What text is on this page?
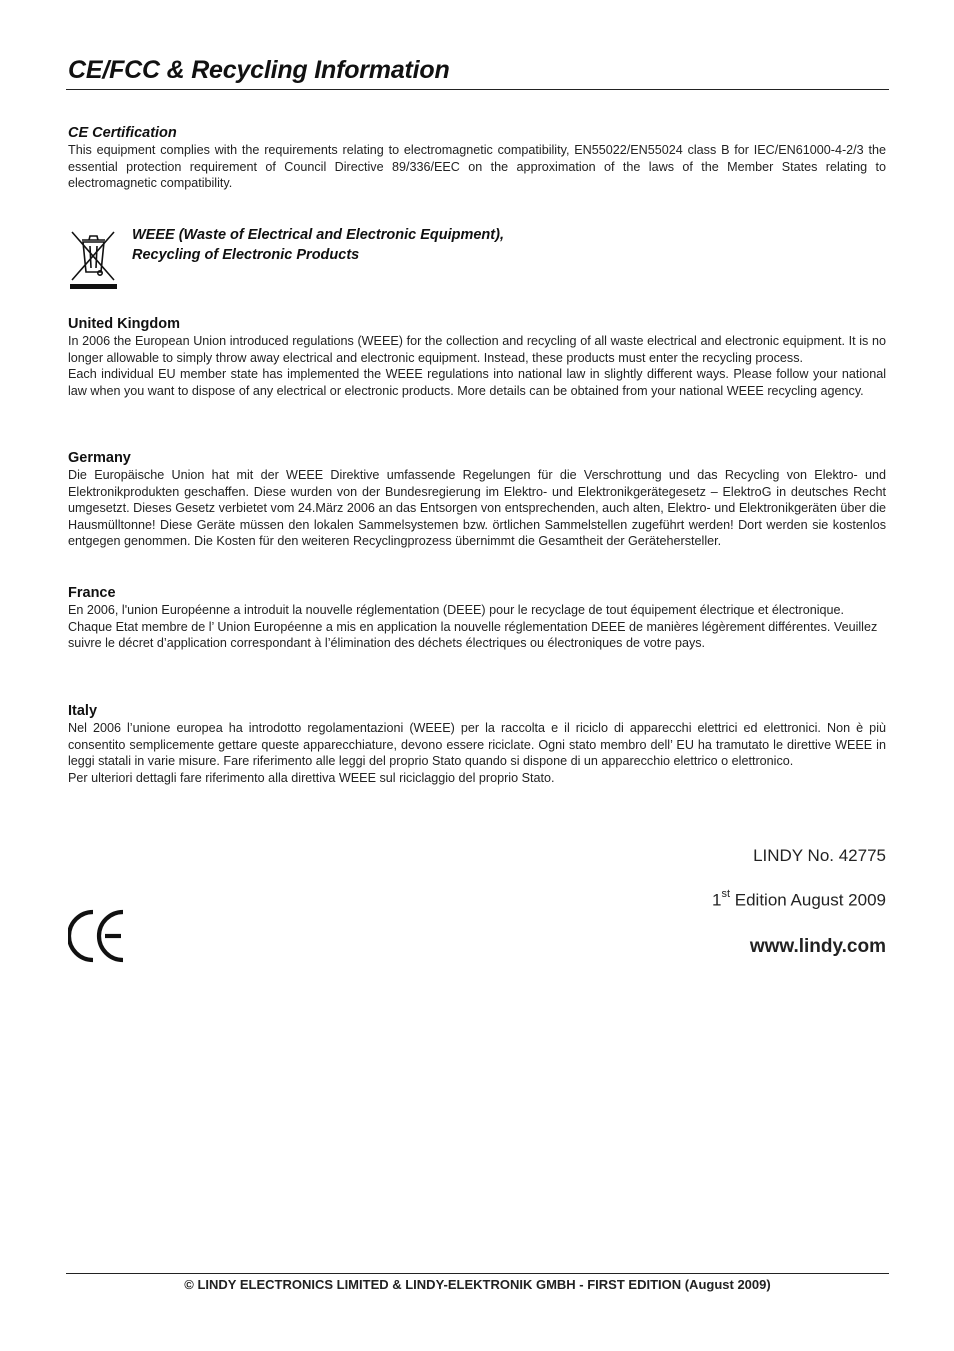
CE/FCC & Recycling Information
CE Certification

This equipment complies with the requirements relating to electromagnetic compatibility, EN55022/EN55024 class B for IEC/EN61000-4-2/3 the essential protection requirement of Council Directive 89/336/EEC on the approximation of the laws of the Member States relating to electromagnetic compatibility.

WEEE (Waste of Electrical and Electronic Equipment),
Recycling of Electronic Products
United Kingdom

In 2006 the European Union introduced regulations (WEEE) for the collection and recycling of all waste electrical and electronic equipment. It is no longer allowable to simply throw away electrical and electronic equipment. Instead, these products must enter the recycling process.

Each individual EU member state has implemented the WEEE regulations into national law in slightly different ways. Please follow your national law when you want to dispose of any electrical or electronic products. More details can be obtained from your national WEEE recycling agency.

Germany

Die Europäische Union hat mit der WEEE Direktive umfassende Regelungen für die Verschrottung und das Recycling von Elektro- und Elektronikprodukten geschaffen. Diese wurden von der Bundesregierung im Elektro- und Elektronikgerätegesetz – ElektroG in deutsches Recht umgesetzt. Dieses Gesetz verbietet vom 24.März 2006 an das Entsorgen von entsprechenden, auch alten, Elektro- und Elektronikgeräten über die Hausmülltonne! Diese Geräte müssen den lokalen Sammelsystemen bzw. örtlichen Sammelstellen zugeführt werden! Dort werden sie kostenlos entgegen genommen. Die Kosten für den weiteren Recyclingprozess übernimmt die Gesamtheit der Gerätehersteller.

France

En 2006, l'union Européenne a introduit la nouvelle réglementation (DEEE) pour le recyclage de tout équipement électrique et électronique.

Chaque Etat membre de l’ Union Européenne a mis en application la nouvelle réglementation DEEE de manières légèrement différentes. Veuillez suivre le décret d’application correspondant à l’élimination des déchets électriques ou électroniques de votre pays.

Italy

Nel 2006 l’unione europea ha introdotto regolamentazioni (WEEE) per la raccolta e il riciclo di apparecchi elettrici ed elettronici. Non è più consentito semplicemente gettare queste apparecchiature, devono essere riciclate. Ogni stato membro dell’ EU ha tramutato le direttive WEEE in leggi statali in varie misure. Fare riferimento alle leggi del proprio Stato quando si dispone di un apparecchio elettrico o elettronico.

Per ulteriori dettagli fare riferimento alla direttiva WEEE sul riciclaggio del proprio Stato.

LINDY No. 42775
1st Edition August 2009
www.lindy.com
© LINDY ELECTRONICS LIMITED & LINDY-ELEKTRONIK GMBH - FIRST EDITION (August 2009)
